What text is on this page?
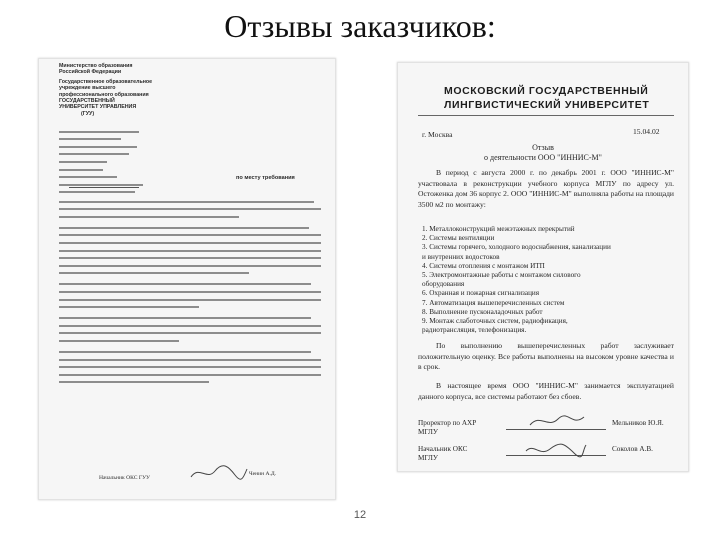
Отзывы заказчиков:
Министерство образования
Российской Федерации
Государственное образовательное
учреждение высшего
профессионального образования
ГОСУДАРСТВЕННЫЙ
УНИВЕРСИТЕТ УПРАВЛЕНИЯ
(ГУУ)
по месту требования
Начальник ОКС ГУУ
Ченин А.Д.
МОСКОВСКИЙ ГОСУДАРСТВЕННЫЙ
ЛИНГВИСТИЧЕСКИЙ УНИВЕРСИТЕТ
г. Москва	15.04.02
Отзыв
о деятельности ООО "ИННИС-М"
В период с августа 2000 г. по декабрь 2001 г. ООО "ИННИС-М" участвовала в реконструкции учебного корпуса МГЛУ по адресу ул. Остоженка дом 36 корпус 2. ООО "ИННИС-М" выполняла работы на площади 3500 м2 по монтажу:
1. Металлоконструкций межэтажных перекрытий
2. Системы вентиляции
3. Системы горячего, холодного водоснабжения, канализации
и внутренних водостоков
4. Системы отопления с монтажом ИТП
5. Электромонтажные работы с монтажом силового
оборудования
6. Охранная и пожарная сигнализация
7. Автоматизация вышеперечисленных систем
8. Выполнение пусконаладочных работ
9. Монтаж слаботочных систем, радиофикация,
радиотрансляция, телефонизация.
По выполнению вышеперечисленных работ заслуживает положительную оценку. Все работы выполнены на высоком уровне качества и в срок.
В настоящее время ООО "ИННИС-М" занимается эксплуатацией данного корпуса, все системы работают без сбоев.
Проректор по АХР МГЛУ
Мельников Ю.Я.
Начальник ОКС МГЛУ
Соколов А.В.
12
